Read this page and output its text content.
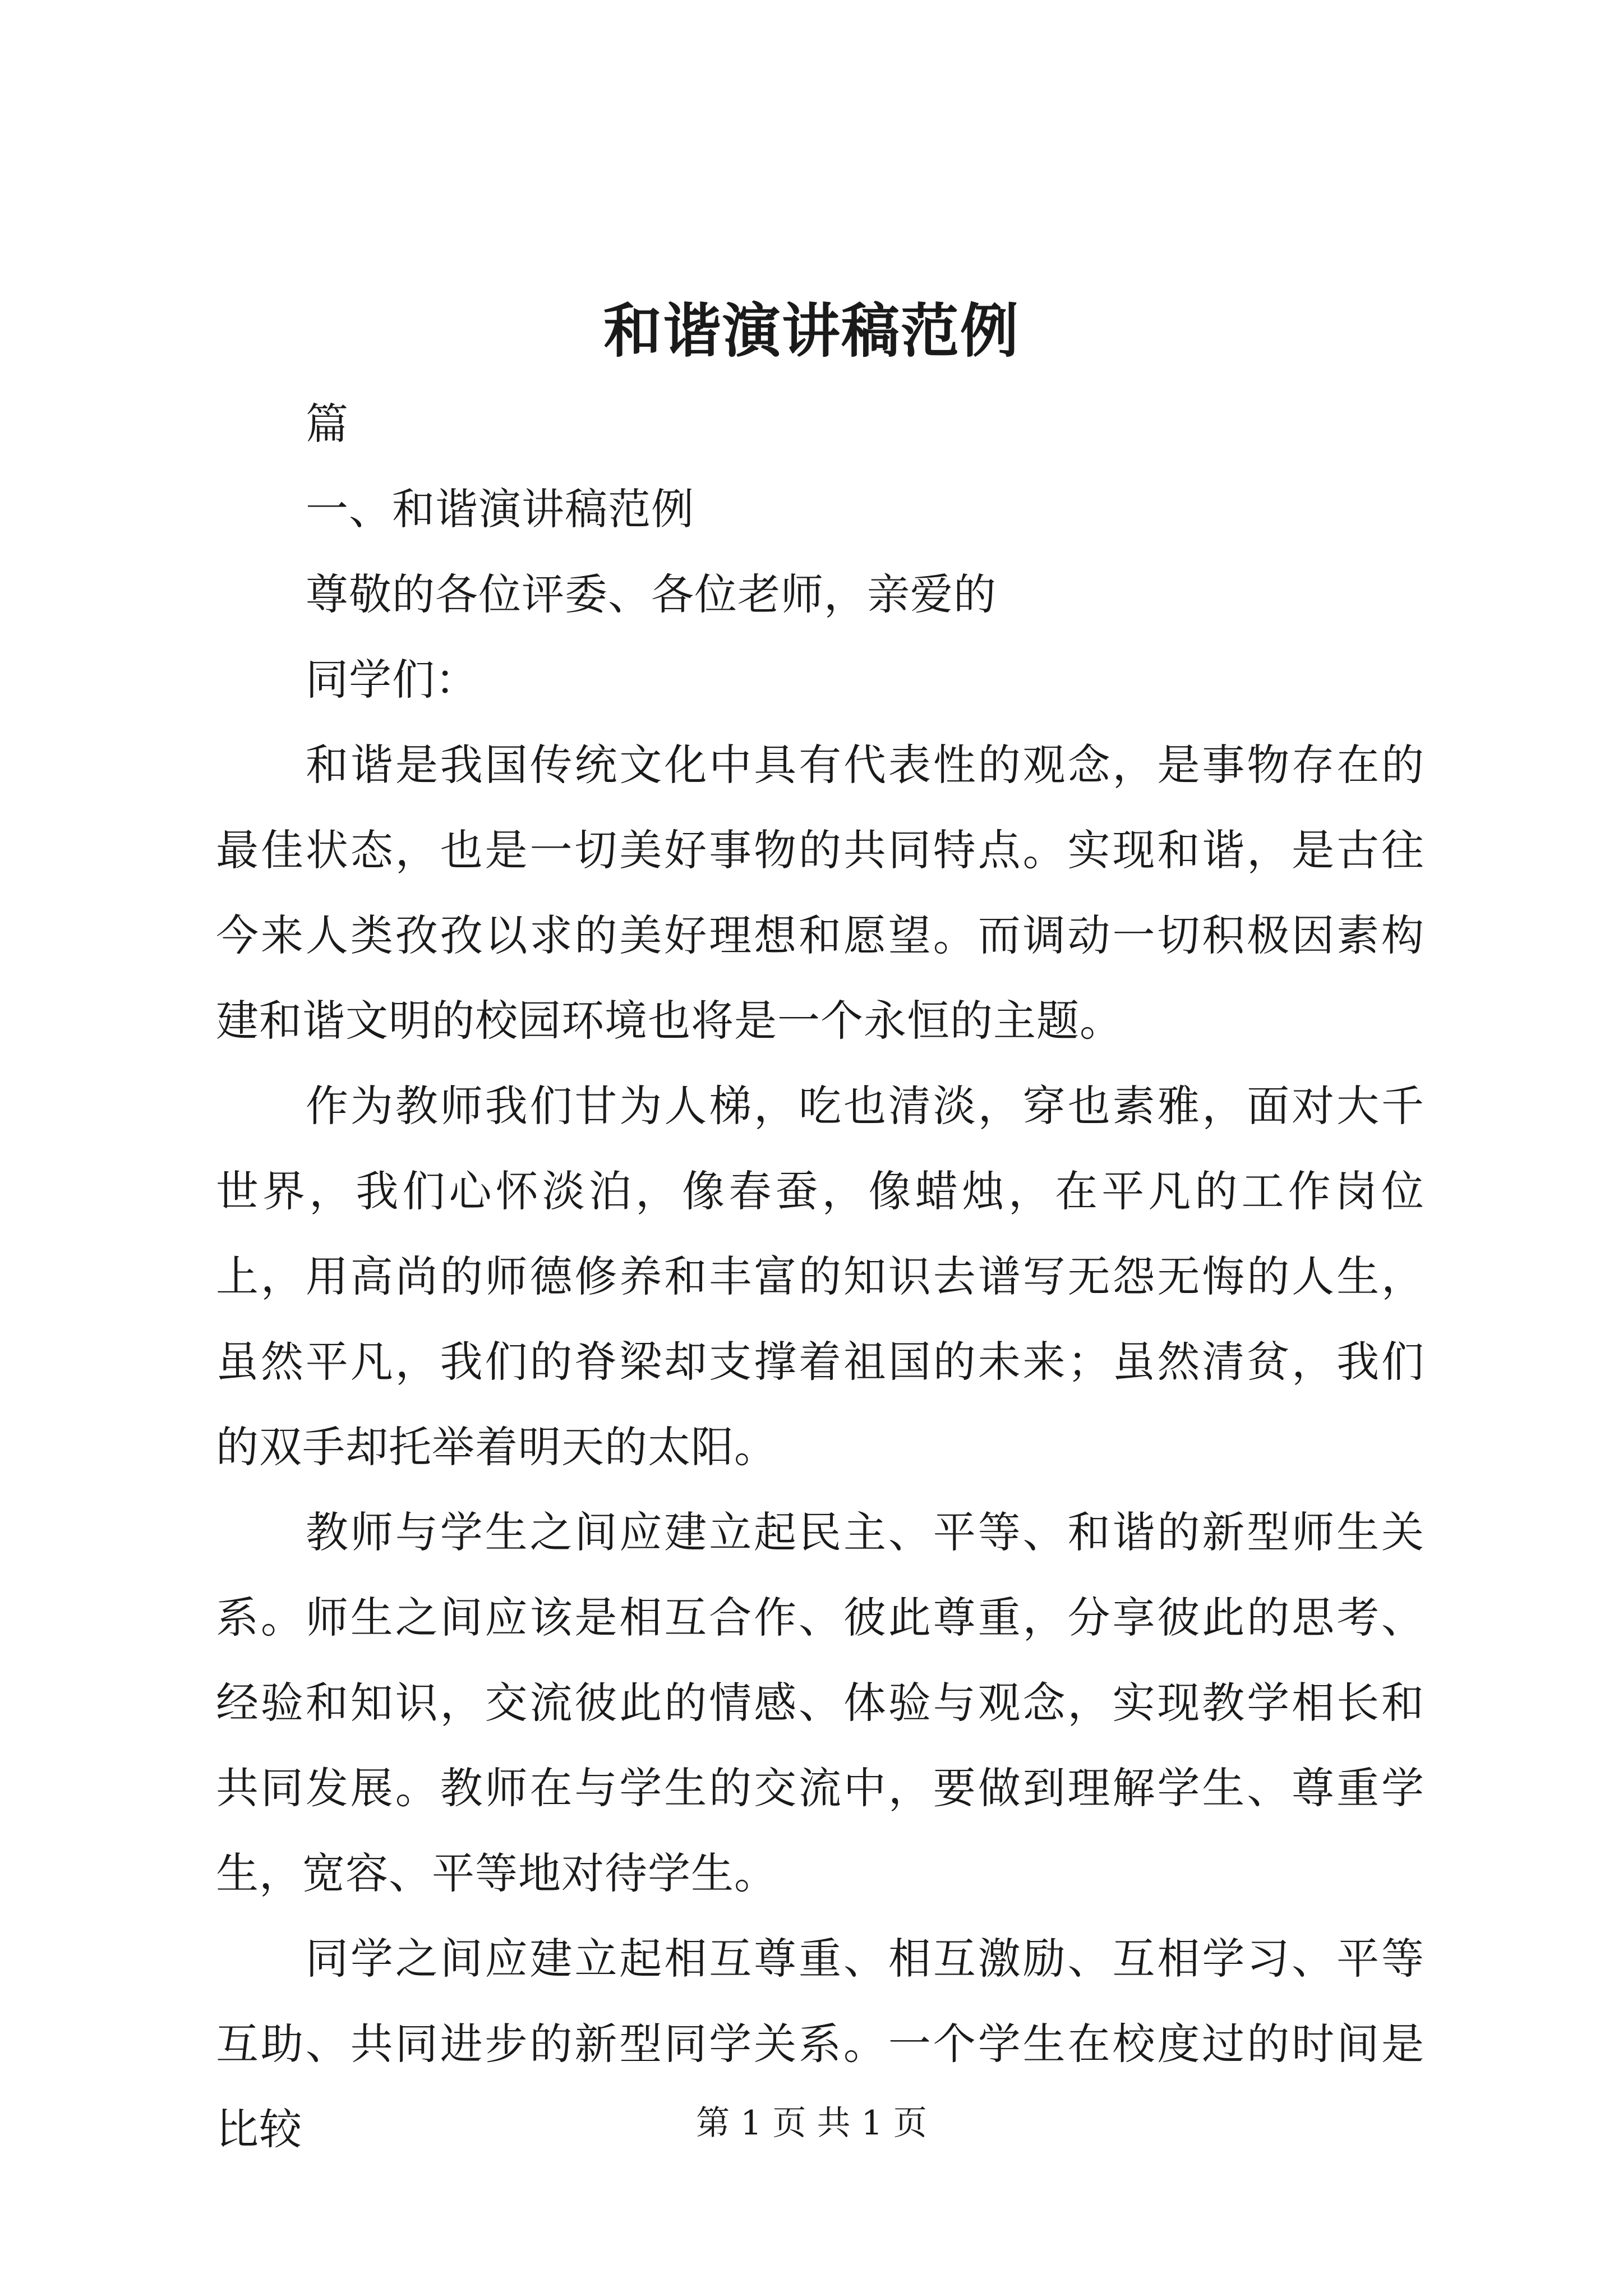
和谐演讲稿范例

篇

一、和谐演讲稿范例

尊敬的各位评委、各位老师，亲爱的

同学们：

和谐是我国传统文化中具有代表性的观念，是事物存在的最佳状态，也是一切美好事物的共同特点。实现和谐，是古往今来人类孜孜以求的美好理想和愿望。而调动一切积极因素构建和谐文明的校园环境也将是一个永恒的主题。

作为教师我们甘为人梯，吃也清淡，穿也素雅，面对大千世界，我们心怀淡泊，像春蚕，像蜡烛，在平凡的工作岗位上，用高尚的师德修养和丰富的知识去谱写无怨无悔的人生，虽然平凡，我们的脊梁却支撑着祖国的未来；虽然清贫，我们的双手却托举着明天的太阳。

教师与学生之间应建立起民主、平等、和谐的新型师生关系。师生之间应该是相互合作、彼此尊重，分享彼此的思考、经验和知识，交流彼此的情感、体验与观念，实现教学相长和共同发展。教师在与学生的交流中，要做到理解学生、尊重学生，宽容、平等地对待学生。

同学之间应建立起相互尊重、相互激励、互相学习、平等互助、共同进步的新型同学关系。一个学生在校度过的时间是比较	第 1 页 共 1 页
